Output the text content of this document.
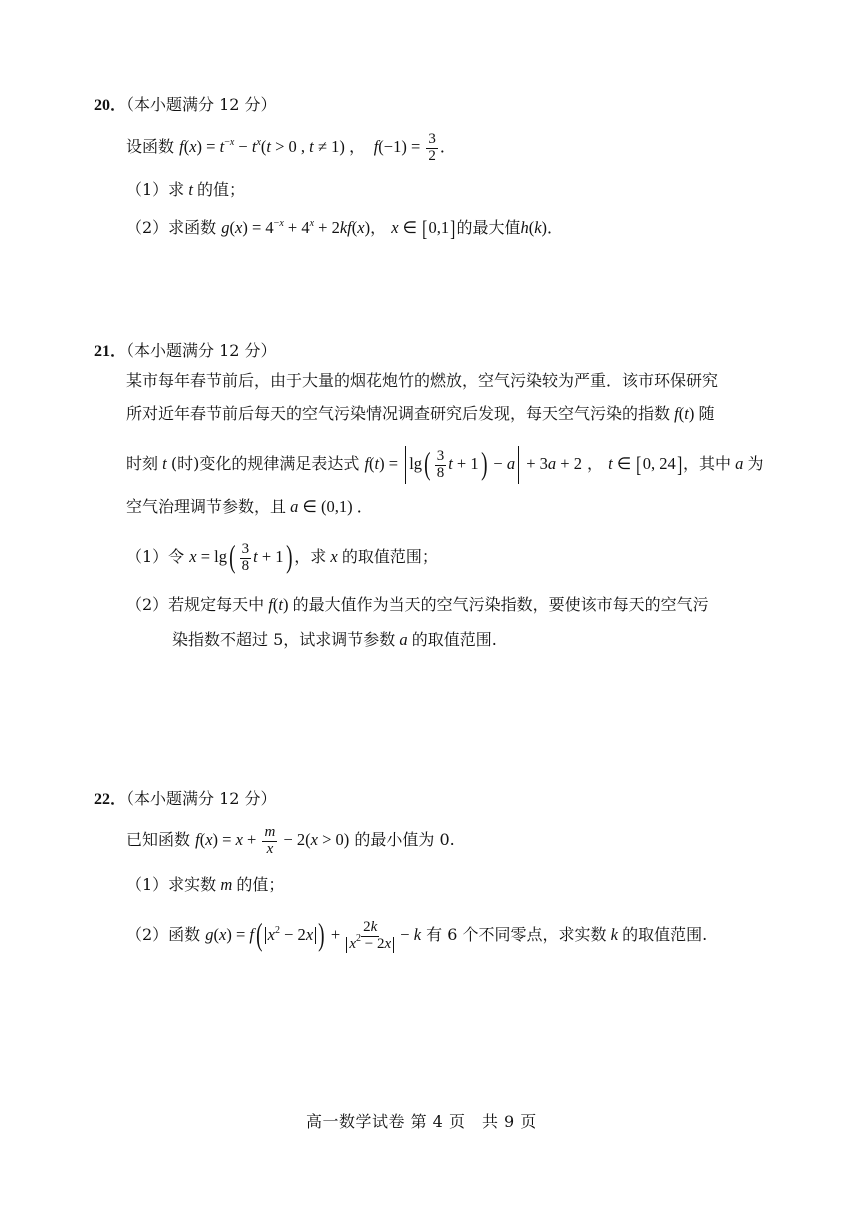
20．（本小题满分 12 分）
设函数 $f(x) = t^{-x} - t^x(t > 0$ , t ≠ 1) ，  $f(-1) = \frac{3}{2}$ ．
（1）求 t 的值；
（2）求函数 $g(x) = 4^{-x} + 4^x + 2kf(x)$， x ∈ [0,1]的最大值h(k)．
21．（本小题满分 12 分）
某市每年春节前后，由于大量的烟花炮竹的燃放，空气污染较为严重．该市环保研究
所对近年春节前后每天的空气污染情况调查研究后发现，每天空气污染的指数 f(t) 随
时刻 t (时)变化的规律满足表达式 $f(t) = \lg( \frac{3}{8}$ t + 1) − a + 3a + 2 ， t ∈ [0, 24]，其中 a 为
空气治理调节参数，且 a ∈ (0,1) ．
（1）令 $x = \lg( \frac{3}{8}$ t + 1) ，求 x 的取值范围；
（2）若规定每天中 f(t) 的最大值作为当天的空气污染指数，要使该市每天的空气污
染指数不超过 5，试求调节参数 a 的取值范围.
22．（本小题满分 12 分）
已知函数 $f(x) = x + \frac{m}{x} - 2(x > 0)$ 的最小值为 0.
（1）求实数 m 的值；
（2）函数 g(x) = f( $x^2 - 2x$ ) + $\frac{2k}{x^2 - 2x} - k$ 有 6 个不同零点，求实数 k 的取值范围.
高一数学试卷 第 4 页　共 9 页
